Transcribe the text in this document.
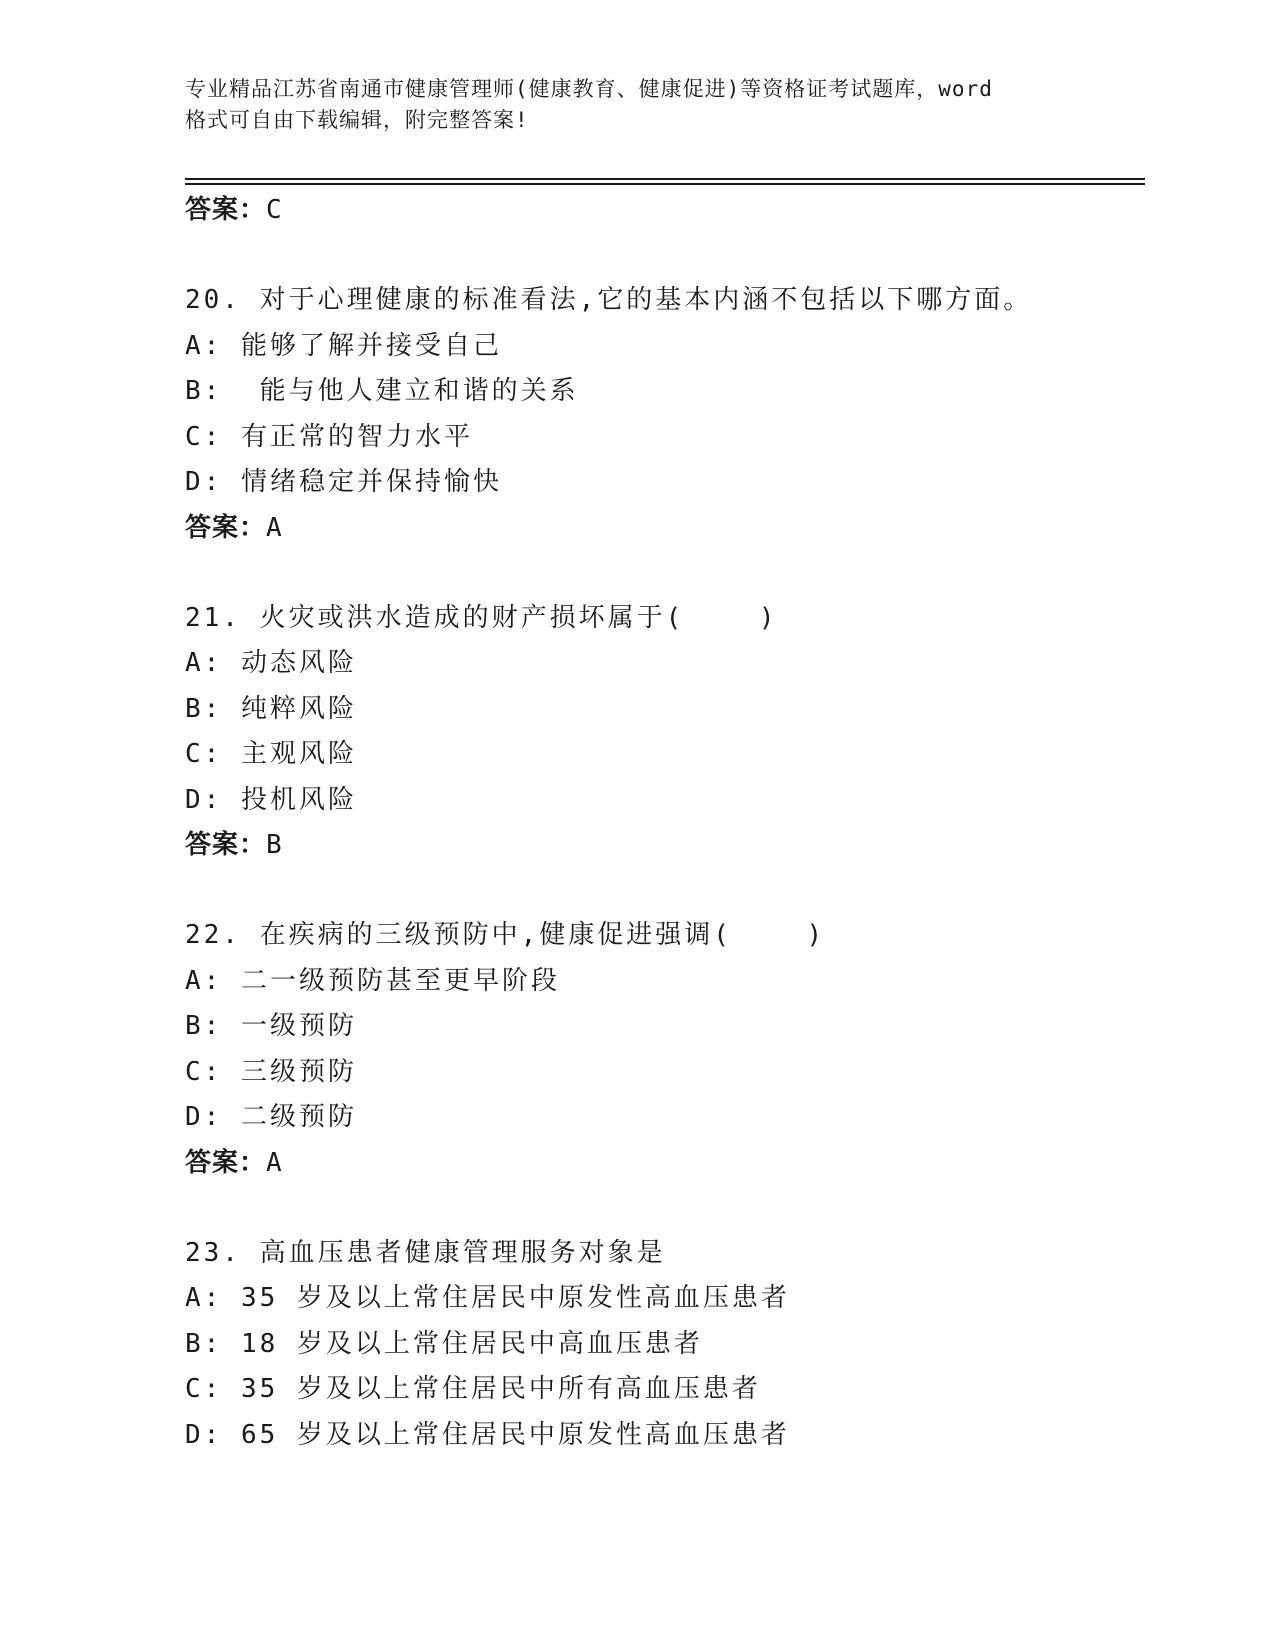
专业精品江苏省南通市健康管理师(健康教育、健康促进)等资格证考试题库，word
格式可自由下载编辑，附完整答案!
答案：C
20. 对于心理健康的标准看法,它的基本内涵不包括以下哪方面。
A: 能够了解并接受自己
B:  能与他人建立和谐的关系
C: 有正常的智力水平
D: 情绪稳定并保持愉快
答案：A
21. 火灾或洪水造成的财产损坏属于(    )
A: 动态风险
B: 纯粹风险
C: 主观风险
D: 投机风险
答案：B
22. 在疾病的三级预防中,健康促进强调(    )
A: 二一级预防甚至更早阶段
B: 一级预防
C: 三级预防
D: 二级预防
答案：A
23. 高血压患者健康管理服务对象是
A: 35 岁及以上常住居民中原发性高血压患者
B: 18 岁及以上常住居民中高血压患者
C: 35 岁及以上常住居民中所有高血压患者
D: 65 岁及以上常住居民中原发性高血压患者
